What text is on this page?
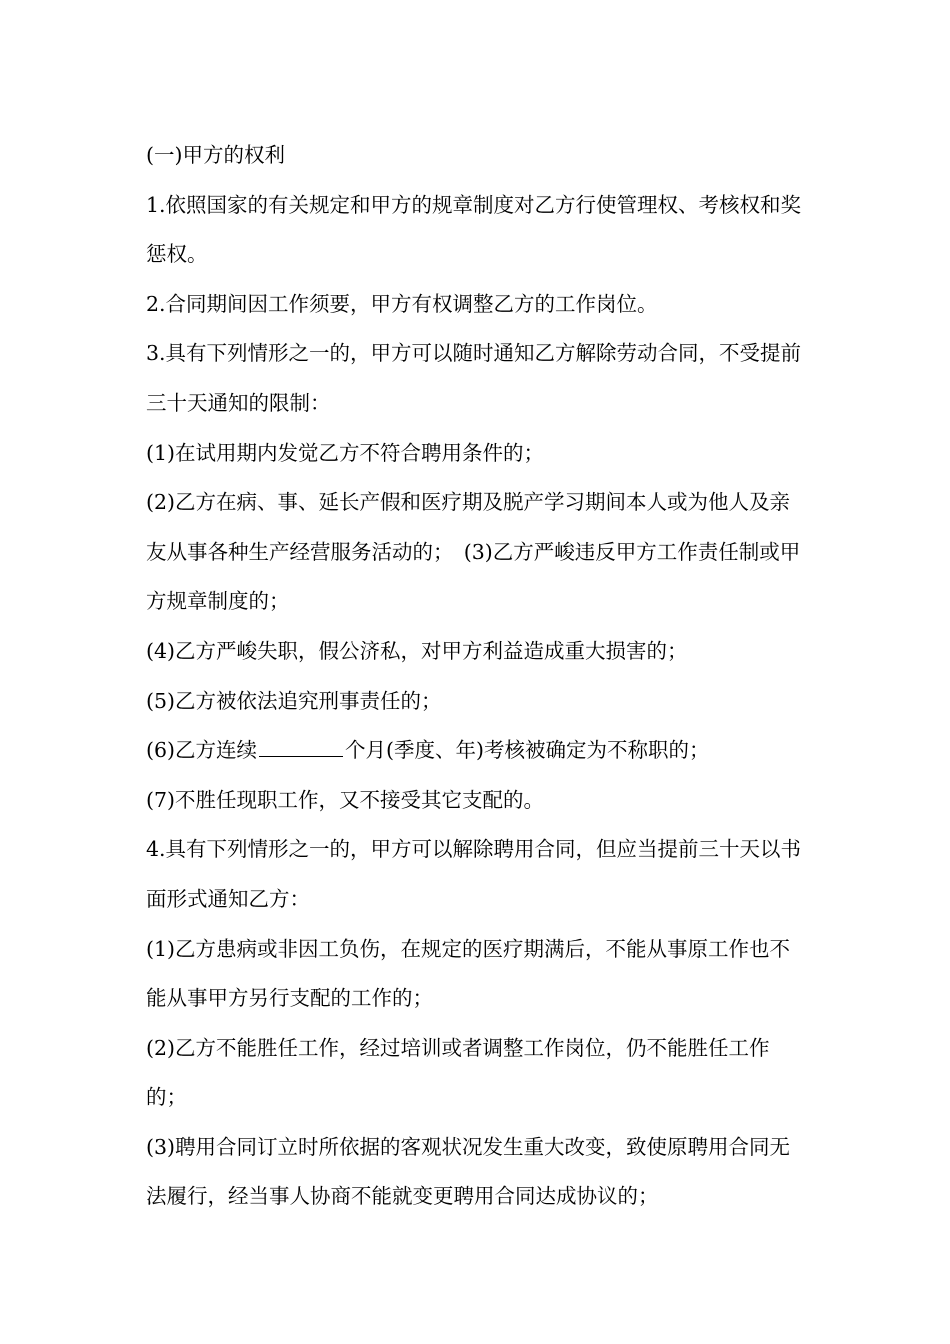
(一)甲方的权利

1.依照国家的有关规定和甲方的规章制度对乙方行使管理权、考核权和奖惩权。

2.合同期间因工作须要，甲方有权调整乙方的工作岗位。

3.具有下列情形之一的，甲方可以随时通知乙方解除劳动合同，不受提前三十天通知的限制：

(1)在试用期内发觉乙方不符合聘用条件的；

(2)乙方在病、事、延长产假和医疗期及脱产学习期间本人或为他人及亲友从事各种生产经营服务活动的；　(3)乙方严峻违反甲方工作责任制或甲方规章制度的；

(4)乙方严峻失职，假公济私，对甲方利益造成重大损害的；

(5)乙方被依法追究刑事责任的；

(6)乙方连续	个月(季度、年)考核被确定为不称职的；

(7)不胜任现职工作，又不接受其它支配的。

4.具有下列情形之一的，甲方可以解除聘用合同，但应当提前三十天以书面形式通知乙方：

(1)乙方患病或非因工负伤，在规定的医疗期满后，不能从事原工作也不能从事甲方另行支配的工作的；

(2)乙方不能胜任工作，经过培训或者调整工作岗位，仍不能胜任工作的；

(3)聘用合同订立时所依据的客观状况发生重大改变，致使原聘用合同无法履行，经当事人协商不能就变更聘用合同达成协议的；
